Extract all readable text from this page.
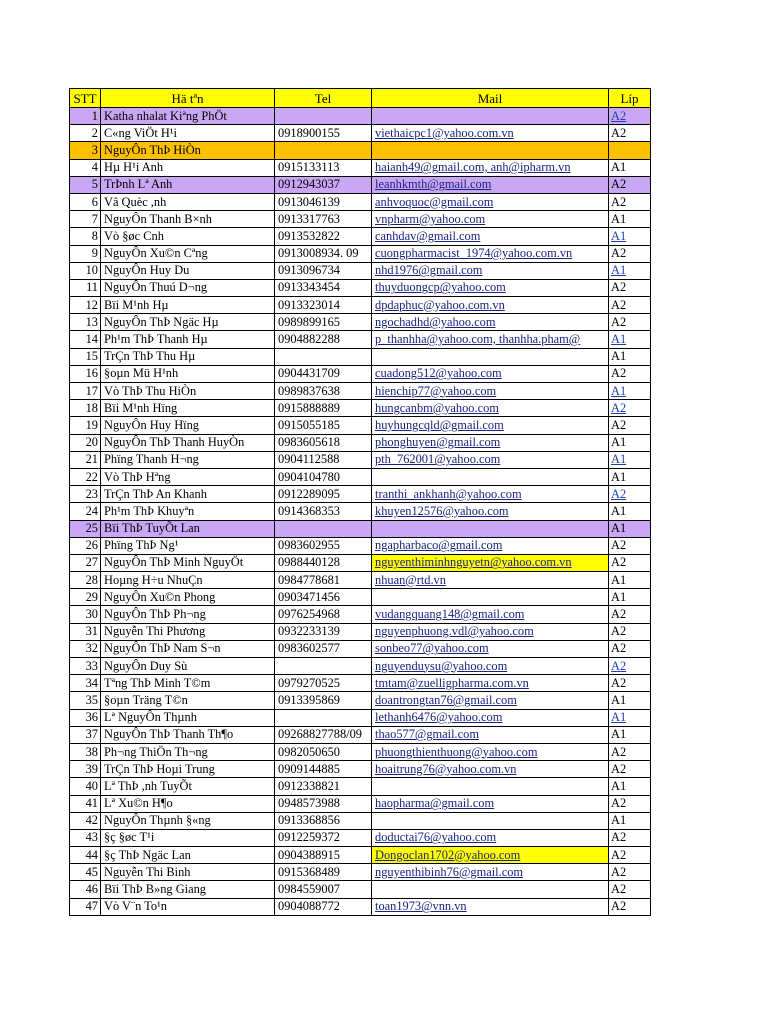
STT	Hä tªn	Tel	Mail	Líp
1	Katha nhalat Kiªng PhÖt			A2
2	C«ng ViÖt H¹i	0918900155	viethaicpc1@yahoo.com.vn	A2
3	NguyÔn ThÞ HiÒn			
4	Hµ H¹i Anh	0915133113	haianh49@gmail.com, anh@ipharm.vn	A1
5	TrÞnh Lª Anh	0912943037	leanhkmth@gmail.com	A2
6	Vâ Quèc ,nh	0913046139	anhvoquoc@gmail.com	A2
7	NguyÔn Thanh B×nh	0913317763	vnpharm@yahoo.com	A1
8	Vò §øc Cnh	0913532822	canhdav@gmail.com	A1
9	NguyÔn Xu©n Cªng	0913008934. 09	cuongpharmacist_1974@yahoo.com.vn	A2
10	NguyÔn Huy Du	0913096734	nhd1976@gmail.com	A1
11	NguyÔn Thuú D¬ng	0913343454	thuyduongcp@yahoo.com	A2
12	Bïi M¹nh Hµ	0913323014	dpdaphuc@yahoo.com.vn	A2
13	NguyÔn ThÞ Ngäc Hµ	0989899165	ngochadhd@yahoo.com	A2
14	Ph¹m ThÞ Thanh Hµ	0904882288	p_thanhha@yahoo.com, thanhha.pham@	A1
15	TrÇn ThÞ Thu Hµ			A1
16	§oµn Mü H¹nh	0904431709	cuadong512@yahoo.com	A2
17	Vò ThÞ Thu HiÒn	0989837638	hienchip77@yahoo.com	A1
18	Bïi M¹nh Hïng	0915888889	hungcanbm@yahoo.com	A2
19	NguyÔn Huy Hïng	0915055185	huyhungcqld@gmail.com	A2
20	NguyÔn ThÞ Thanh HuyÒn	0983605618	phonghuyen@gmail.com	A1
21	Phïng Thanh H¬ng	0904112588	pth_762001@yahoo.com	A1
22	Vò ThÞ Hªng	0904104780		A1
23	TrÇn ThÞ An Khanh	0912289095	tranthi_ankhanh@yahoo.com	A2
24	Ph¹m ThÞ Khuyªn	0914368353	khuyen12576@yahoo.com	A1
25	Bïi ThÞ TuyÕt Lan			A1
26	Phïng ThÞ Ng¹	0983602955	ngapharbaco@gmail.com	A2
27	NguyÔn ThÞ Minh NguyÖt	0988440128	nguyenthiminhnguyetn@yahoo.com.vn	A2
28	Hoµng H÷u NhuÇn	0984778681	nhuan@rtd.vn	A1
29	NguyÔn Xu©n Phong	0903471456		A1
30	NguyÔn ThÞ Ph¬ng	0976254968	vudangquang148@gmail.com	A2
31	Nguyễn Thi Phương	0932233139	nguyenphuong.vdl@yahoo.com	A2
32	NguyÔn ThÞ Nam S¬n	0983602577	sonbeo77@yahoo.com	A2
33	NguyÔn Duy Sù		nguyenduysu@yahoo.com	A2
34	Tªng ThÞ Minh T©m	0979270525	tmtam@zuelligpharma.com.vn	A2
35	§oµn Träng T©n	0913395869	doantrongtan76@gmail.com	A1
36	Lª NguyÔn Thµnh		lethanh6476@yahoo.com	A1
37	NguyÔn ThÞ Thanh Th¶o	09268827788/09	thao577@gmail.com	A1
38	Ph¬ng ThiÖn Th¬ng	0982050650	phuongthienthuong@yahoo.com	A2
39	TrÇn ThÞ Hoµi Trung	0909144885	hoaitrung76@yahoo.com.vn	A2
40	Lª ThÞ ,nh TuyÕt	0912338821		A1
41	Lª Xu©n H¶o	0948573988	haopharma@gmail.com	A2
42	NguyÔn Thµnh §«ng	0913368856		A1
43	§ç §øc T¹i	0912259372	doductai76@yahoo.com	A2
44	§ç ThÞ Ngäc Lan	0904388915	Dongoclan1702@yahoo.com	A2
45	Nguyễn Thi Binh	0915368489	nguyenthibinh76@gmail.com	A2
46	Bïi ThÞ B»ng Giang	0984559007		A2
47	Vò V¨n To¹n	0904088772	toan1973@vnn.vn	A2
